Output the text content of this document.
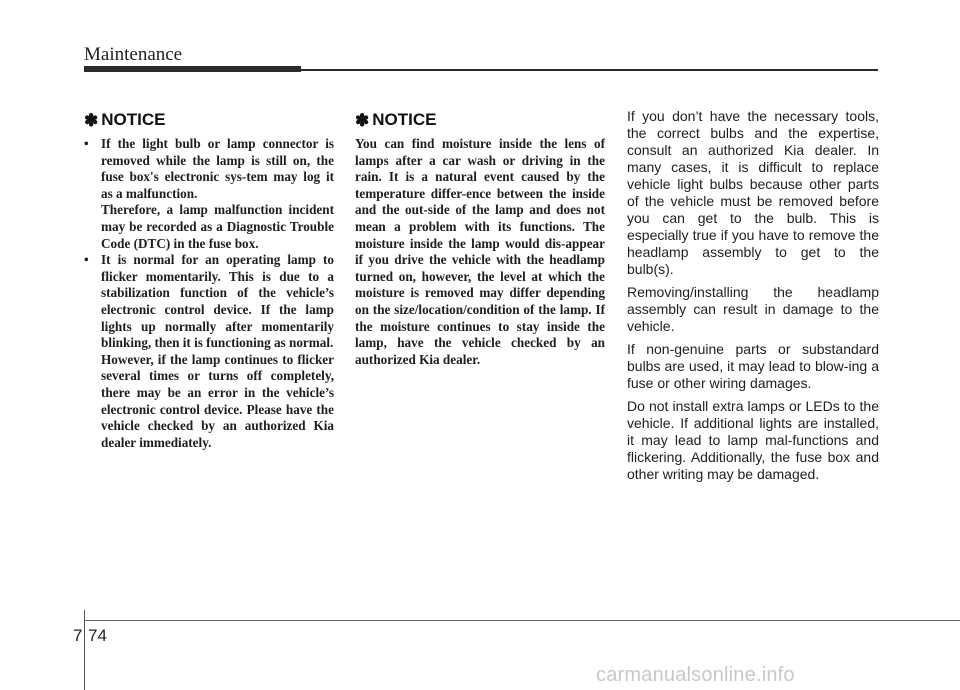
Maintenance
✽ NOTICE
• If the light bulb or lamp connector is removed while the lamp is still on, the fuse box's electronic sys-tem may log it as a malfunction.

Therefore, a lamp malfunction incident may be recorded as a Diagnostic Trouble Code (DTC) in the fuse box.

• It is normal for an operating lamp to flicker momentarily. This is due to a stabilization function of the vehicle’s electronic control device. If the lamp lights up normally after momentarily blinking, then it is functioning as normal.

However, if the lamp continues to flicker several times or turns off completely, there may be an error in the vehicle’s electronic control device. Please have the vehicle checked by an authorized Kia dealer immediately.

✽ NOTICE
You can find moisture inside the lens of lamps after a car wash or driving in the rain. It is a natural event caused by the temperature differ-ence between the inside and the out-side of the lamp and does not mean a problem with its functions. The moisture inside the lamp would dis-appear if you drive the vehicle with the headlamp turned on, however, the level at which the moisture is removed may differ depending on the size/location/condition of the lamp. If the moisture continues to stay inside the lamp, have the vehicle checked by an authorized Kia dealer.

If you don’t have the necessary tools, the correct bulbs and the expertise, consult an authorized Kia dealer. In many cases, it is difficult to replace vehicle light bulbs because other parts of the vehicle must be removed before you can get to the bulb. This is especially true if you have to remove the headlamp assembly to get to the bulb(s).

Removing/installing the headlamp assembly can result in damage to the vehicle.

If non-genuine parts or substandard bulbs are used, it may lead to blow-ing a fuse or other wiring damages.

Do not install extra lamps or LEDs to the vehicle. If additional lights are installed, it may lead to lamp mal-functions and flickering. Additionally, the fuse box and other writing may be damaged.

7 74
carmanualsonline.info
